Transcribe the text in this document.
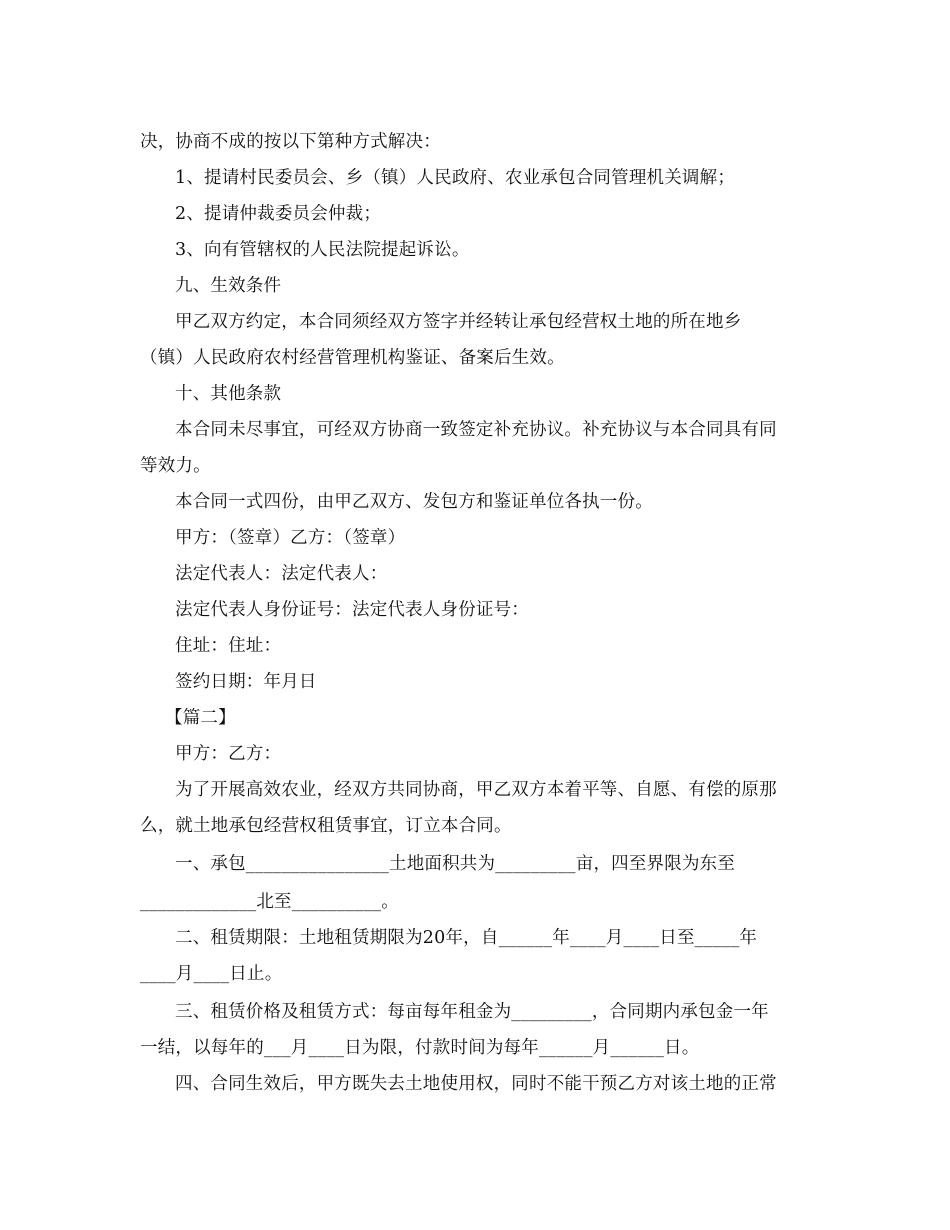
决，协商不成的按以下第种方式解决：
1、提请村民委员会、乡（镇）人民政府、农业承包合同管理机关调解；
2、提请仲裁委员会仲裁；
3、向有管辖权的人民法院提起诉讼。
九、生效条件
甲乙双方约定，本合同须经双方签字并经转让承包经营权土地的所在地乡
（镇）人民政府农村经营管理机构鉴证、备案后生效。
十、其他条款
本合同未尽事宜，可经双方协商一致签定补充协议。补充协议与本合同具有同
等效力。
本合同一式四份，由甲乙双方、发包方和鉴证单位各执一份。
甲方：（签章）乙方：（签章）
法定代表人：法定代表人：
法定代表人身份证号：法定代表人身份证号：
住址：住址：
签约日期：年月日
【篇二】
甲方：乙方：
为了开展高效农业，经双方共同协商，甲乙双方本着平等、自愿、有偿的原那
么，就土地承包经营权租赁事宜，订立本合同。
一、承包________________土地面积共为_________亩，四至界限为东至
_____________北至__________。
二、租赁期限：土地租赁期限为20年，自______年____月____日至_____年
____月____日止。
三、租赁价格及租赁方式：每亩每年租金为_________，合同期内承包金一年
一结，以每年的___月____日为限，付款时间为每年______月______日。
四、合同生效后，甲方既失去土地使用权，同时不能干预乙方对该土地的正常
